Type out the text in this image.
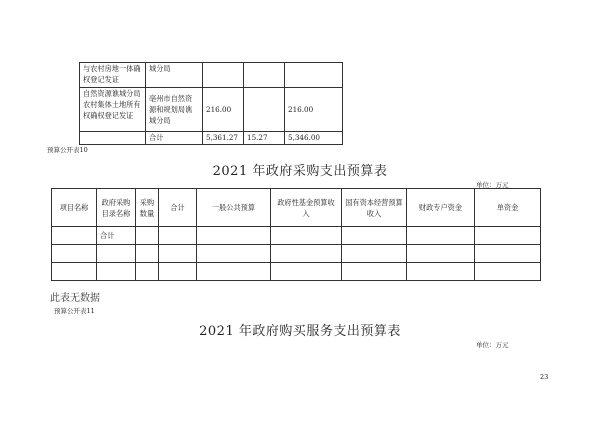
与农村房地一体确权登记发证	城分局			
自然资源谯城分局农村集体土地所有权确权登记发证	亳州市自然资源和规划局谯城分局	216.00		216.00
	合计	5,361.27	15.27	5,346.00
预算公开表10
2021 年政府采购支出预算表
单位：万元
项目名称	政府采购目录名称	采购数量	合计	一般公共预算	政府性基金预算收入	国有资本经营预算收入	财政专户资金	单资金
	合计							

此表无数据
预算公开表11
2021 年政府购买服务支出预算表
单位：万元
23
